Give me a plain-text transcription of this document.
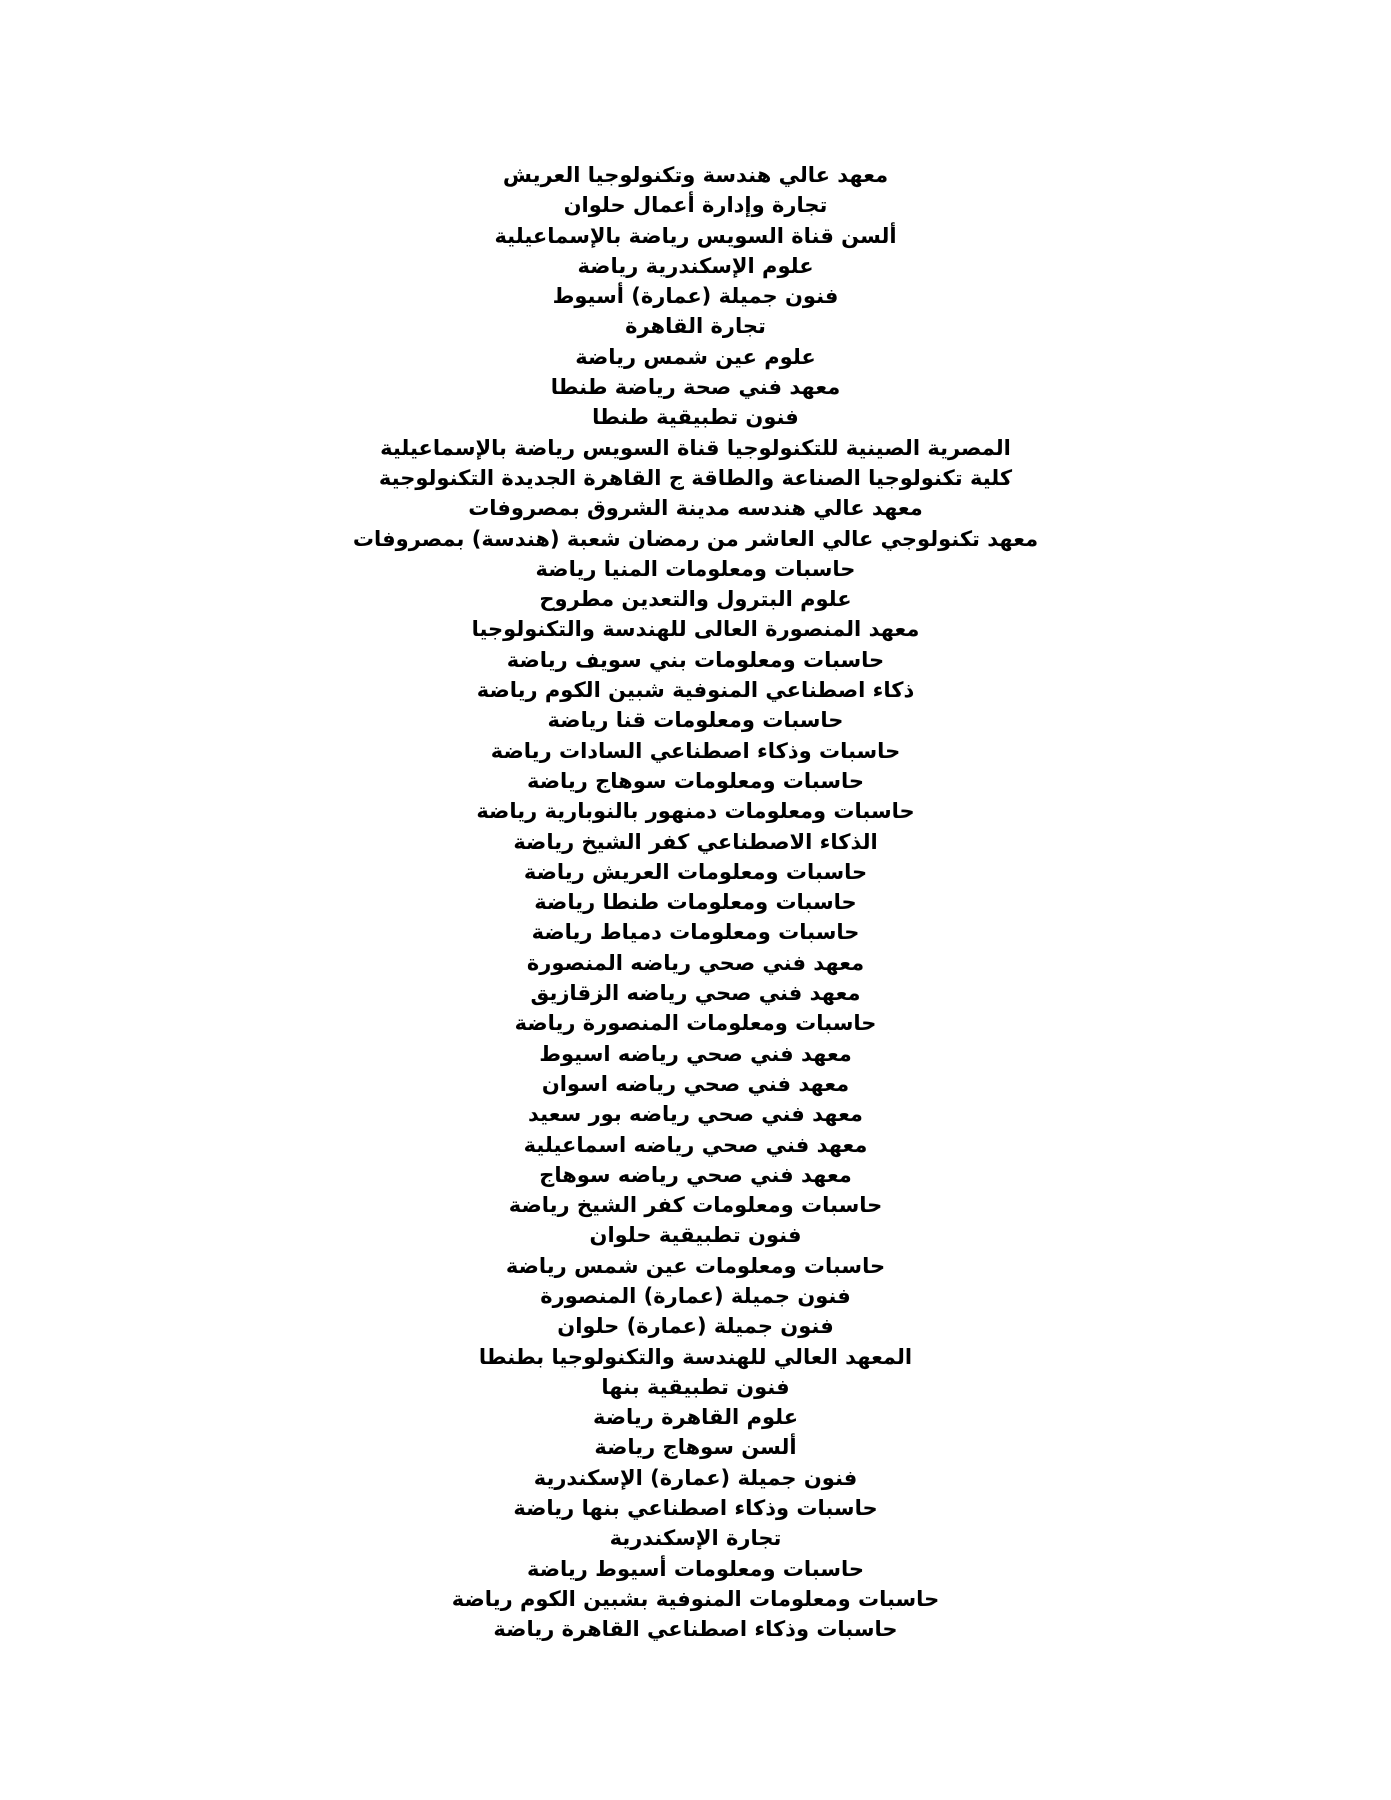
معهد عالي هندسة وتكنولوجيا العريش
تجارة وإدارة أعمال حلوان
ألسن قناة السويس رياضة بالإسماعيلية
علوم الإسكندرية رياضة
فنون جميلة (عمارة) أسيوط
تجارة القاهرة
علوم عين شمس رياضة
معهد فني صحة رياضة طنطا
فنون تطبيقية طنطا
المصرية الصينية للتكنولوجيا قناة السويس رياضة بالإسماعيلية
كلية تكنولوجيا الصناعة والطاقة ج القاهرة الجديدة التكنولوجية
معهد عالي هندسه مدينة الشروق بمصروفات
معهد تكنولوجي عالي العاشر من رمضان شعبة (هندسة) بمصروفات
حاسبات ومعلومات المنيا رياضة
علوم البترول والتعدين مطروح
معهد المنصورة العالى للهندسة والتكنولوجيا
حاسبات ومعلومات بني سويف رياضة
ذكاء اصطناعي المنوفية شبين الكوم رياضة
حاسبات ومعلومات قنا رياضة
حاسبات وذكاء اصطناعي السادات رياضة
حاسبات ومعلومات سوهاج رياضة
حاسبات ومعلومات دمنهور بالنوبارية رياضة
الذكاء الاصطناعي كفر الشيخ رياضة
حاسبات ومعلومات العريش رياضة
حاسبات ومعلومات طنطا رياضة
حاسبات ومعلومات دمياط رياضة
معهد فني صحي رياضه المنصورة
معهد فني صحي رياضه الزقازيق
حاسبات ومعلومات المنصورة رياضة
معهد فني صحي رياضه اسيوط
معهد فني صحي رياضه اسوان
معهد فني صحي رياضه بور سعيد
معهد فني صحي رياضه اسماعيلية
معهد فني صحي رياضه سوهاج
حاسبات ومعلومات كفر الشيخ رياضة
فنون تطبيقية حلوان
حاسبات ومعلومات عين شمس رياضة
فنون جميلة (عمارة) المنصورة
فنون جميلة (عمارة) حلوان
المعهد العالي للهندسة والتكنولوجيا بطنطا
فنون تطبيقية بنها
علوم القاهرة رياضة
ألسن سوهاج رياضة
فنون جميلة (عمارة) الإسكندرية
حاسبات وذكاء اصطناعي بنها رياضة
تجارة الإسكندرية
حاسبات ومعلومات أسيوط رياضة
حاسبات ومعلومات المنوفية بشبين الكوم رياضة
حاسبات وذكاء اصطناعي القاهرة رياضة
